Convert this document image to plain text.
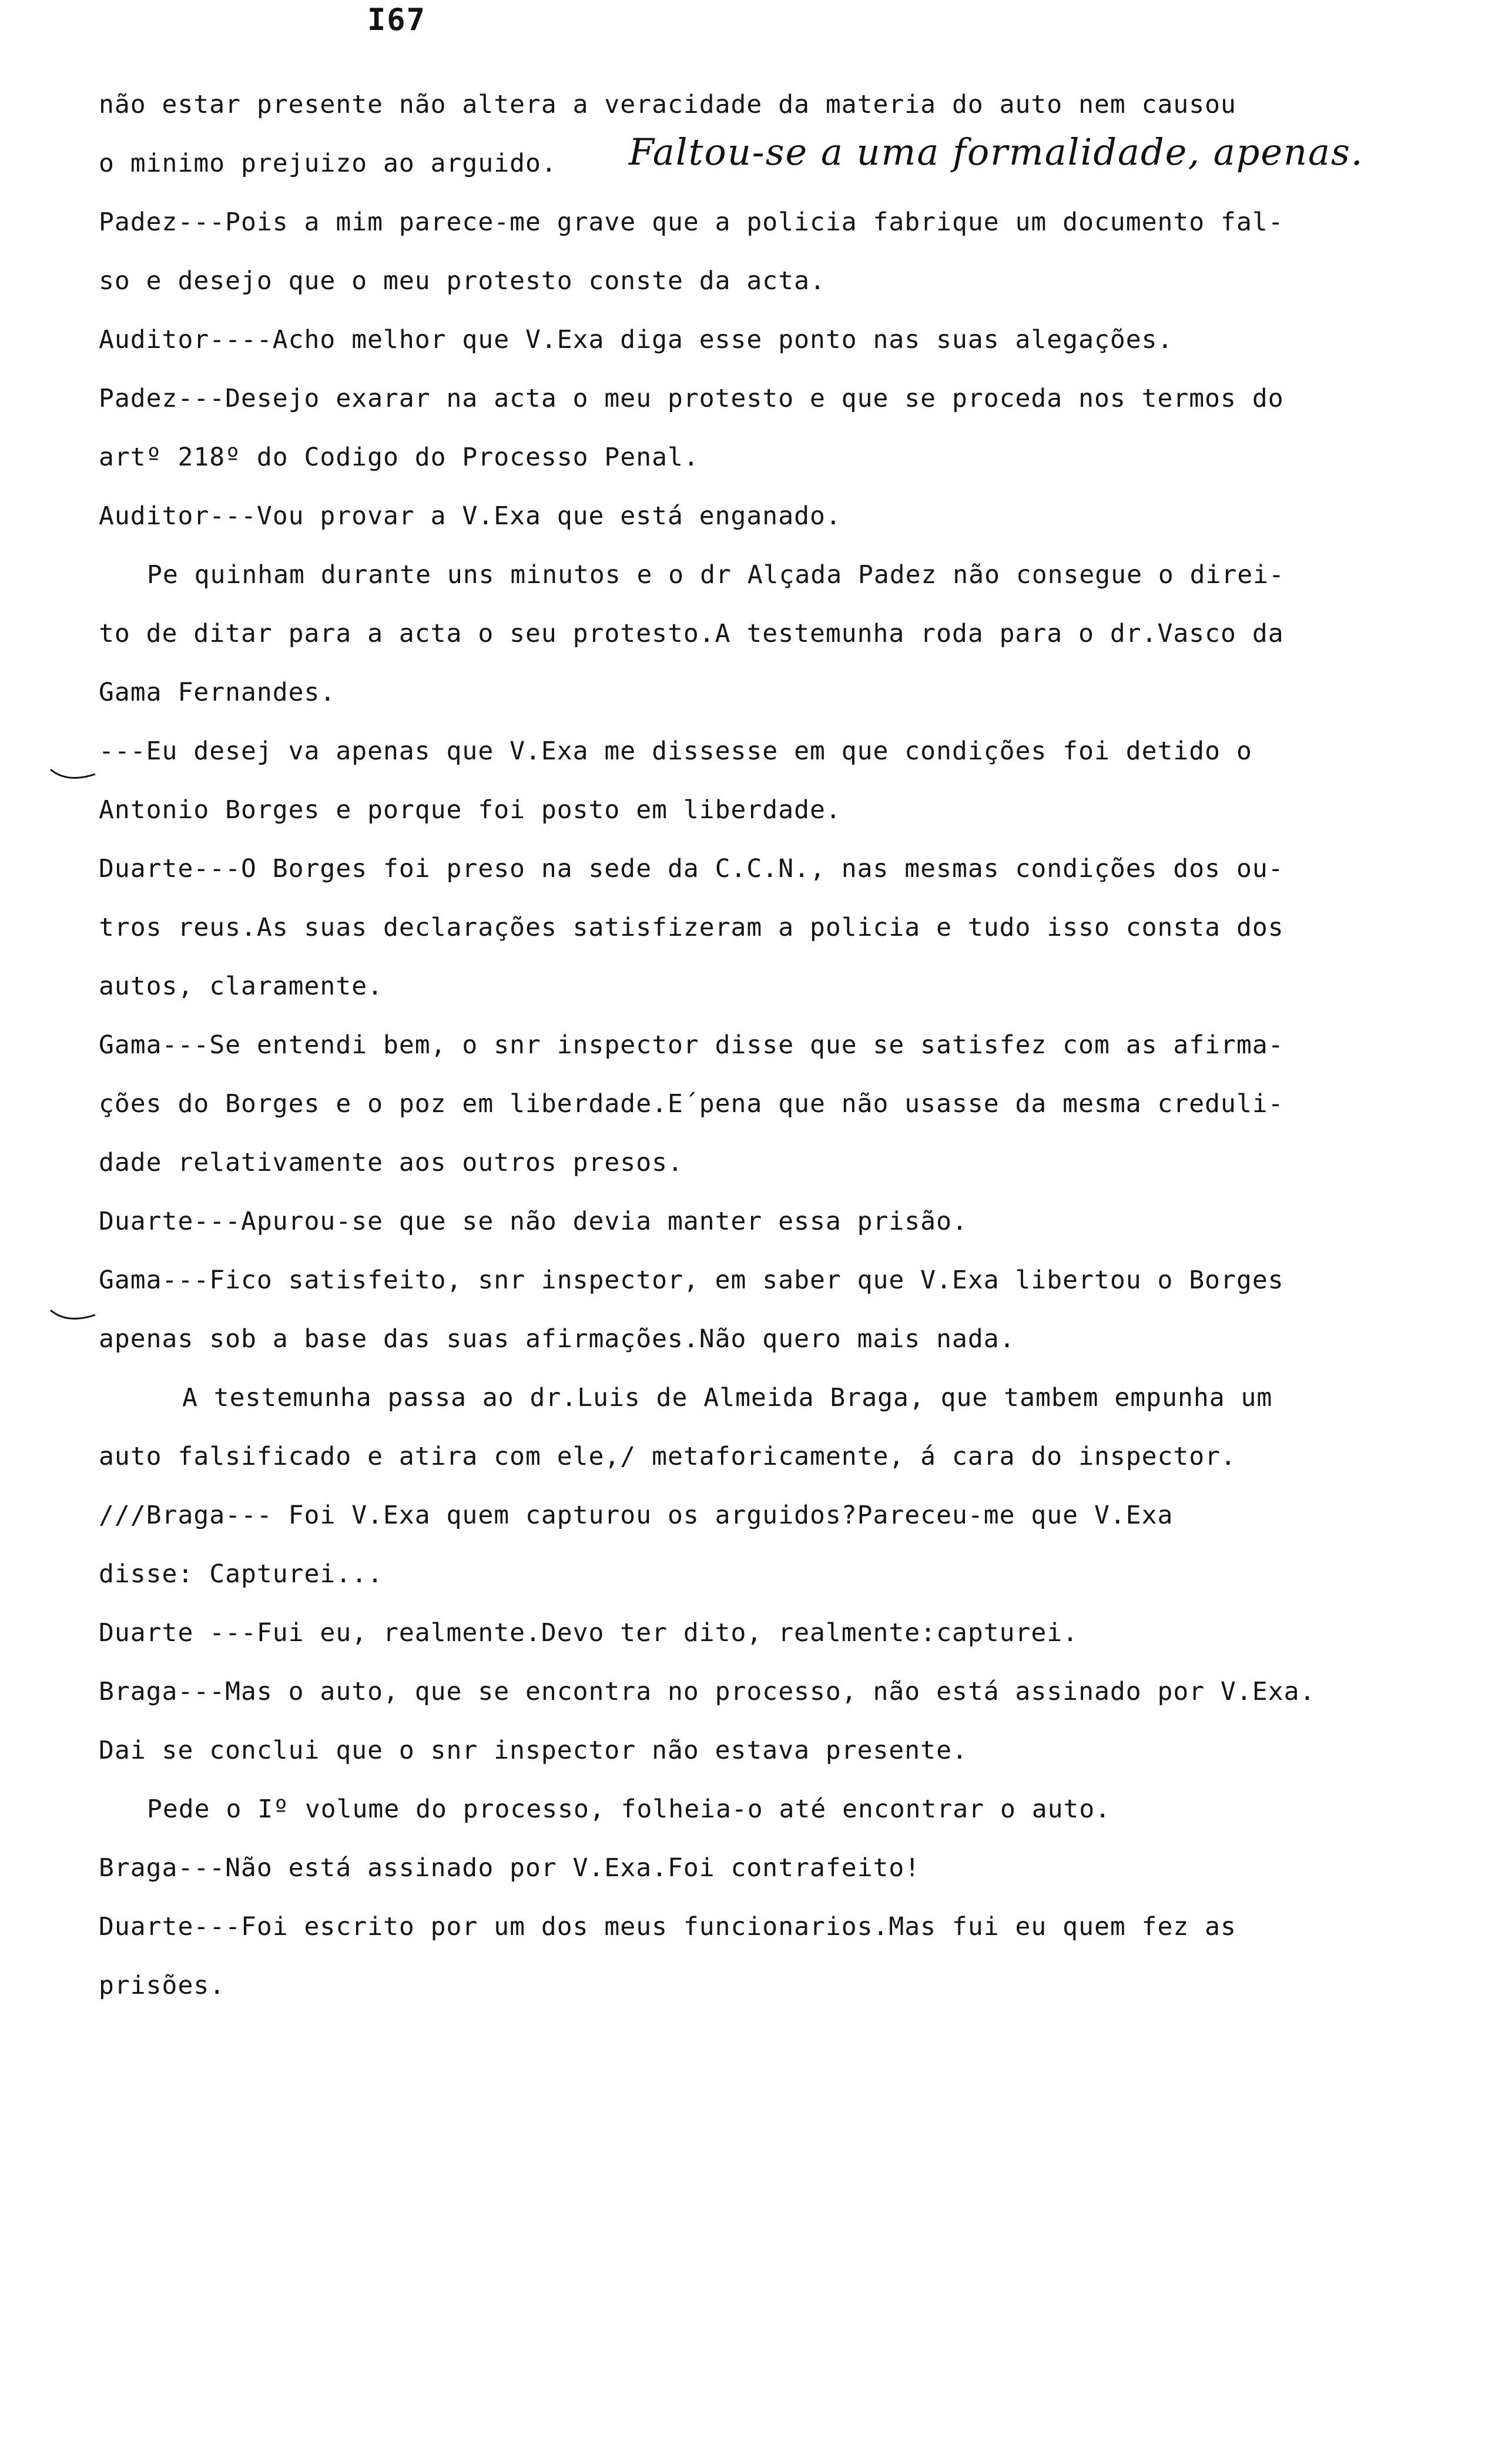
I67
não estar presente não altera a veracidade da materia do auto nem causou
o minimo prejuizo ao arguido. Faltou-se a uma formalidade, apenas.
Padez---Pois a mim parece-me grave que a policia fabrique um documento fal-
so e desejo que o meu protesto conste da acta.
Auditor----Acho melhor que V.Exa diga esse ponto nas suas alegações.
Padez---Desejo exarar na acta o meu protesto e que se proceda nos termos do
artº 218º do Codigo do Processo Penal.
Auditor---Vou provar a V.Exa que está enganado.
Pe quinham durante uns minutos e o dr Alçada Padez não consegue o direi-
to de ditar para a acta o seu protesto.A testemunha roda para o dr.Vasco da
Gama Fernandes.
---Eu desej va apenas que V.Exa me dissesse em que condições foi detido o
Antonio Borges e porque foi posto em liberdade.
Duarte---O Borges foi preso na sede da C.C.N., nas mesmas condições dos ou-
tros reus.As suas declarações satisfizeram a policia e tudo isso consta dos
autos, claramente.
Gama---Se entendi bem, o snr inspector disse que se satisfez com as afirma-
ções do Borges e o poz em liberdade.E´pena que não usasse da mesma creduli-
dade relativamente aos outros presos.
Duarte---Apurou-se que se não devia manter essa prisão.
Gama---Fico satisfeito, snr inspector, em saber que V.Exa libertou o Borges
apenas sob a base das suas afirmações.Não quero mais nada.
A testemunha passa ao dr.Luis de Almeida Braga, que tambem empunha um
auto falsificado e atira com ele,/ metaforicamente, á cara do inspector.
///Braga--- Foi V.Exa quem capturou os arguidos?Pareceu-me que V.Exa
disse: Capturei...
Duarte ---Fui eu, realmente.Devo ter dito, realmente:capturei.
Braga---Mas o auto, que se encontra no processo, não está assinado por V.Exa.
Dai se conclui que o snr inspector não estava presente.
Pede o Iº volume do processo, folheia-o até encontrar o auto.
Braga---Não está assinado por V.Exa.Foi contrafeito!
Duarte---Foi escrito por um dos meus funcionarios.Mas fui eu quem fez as
prisões.
